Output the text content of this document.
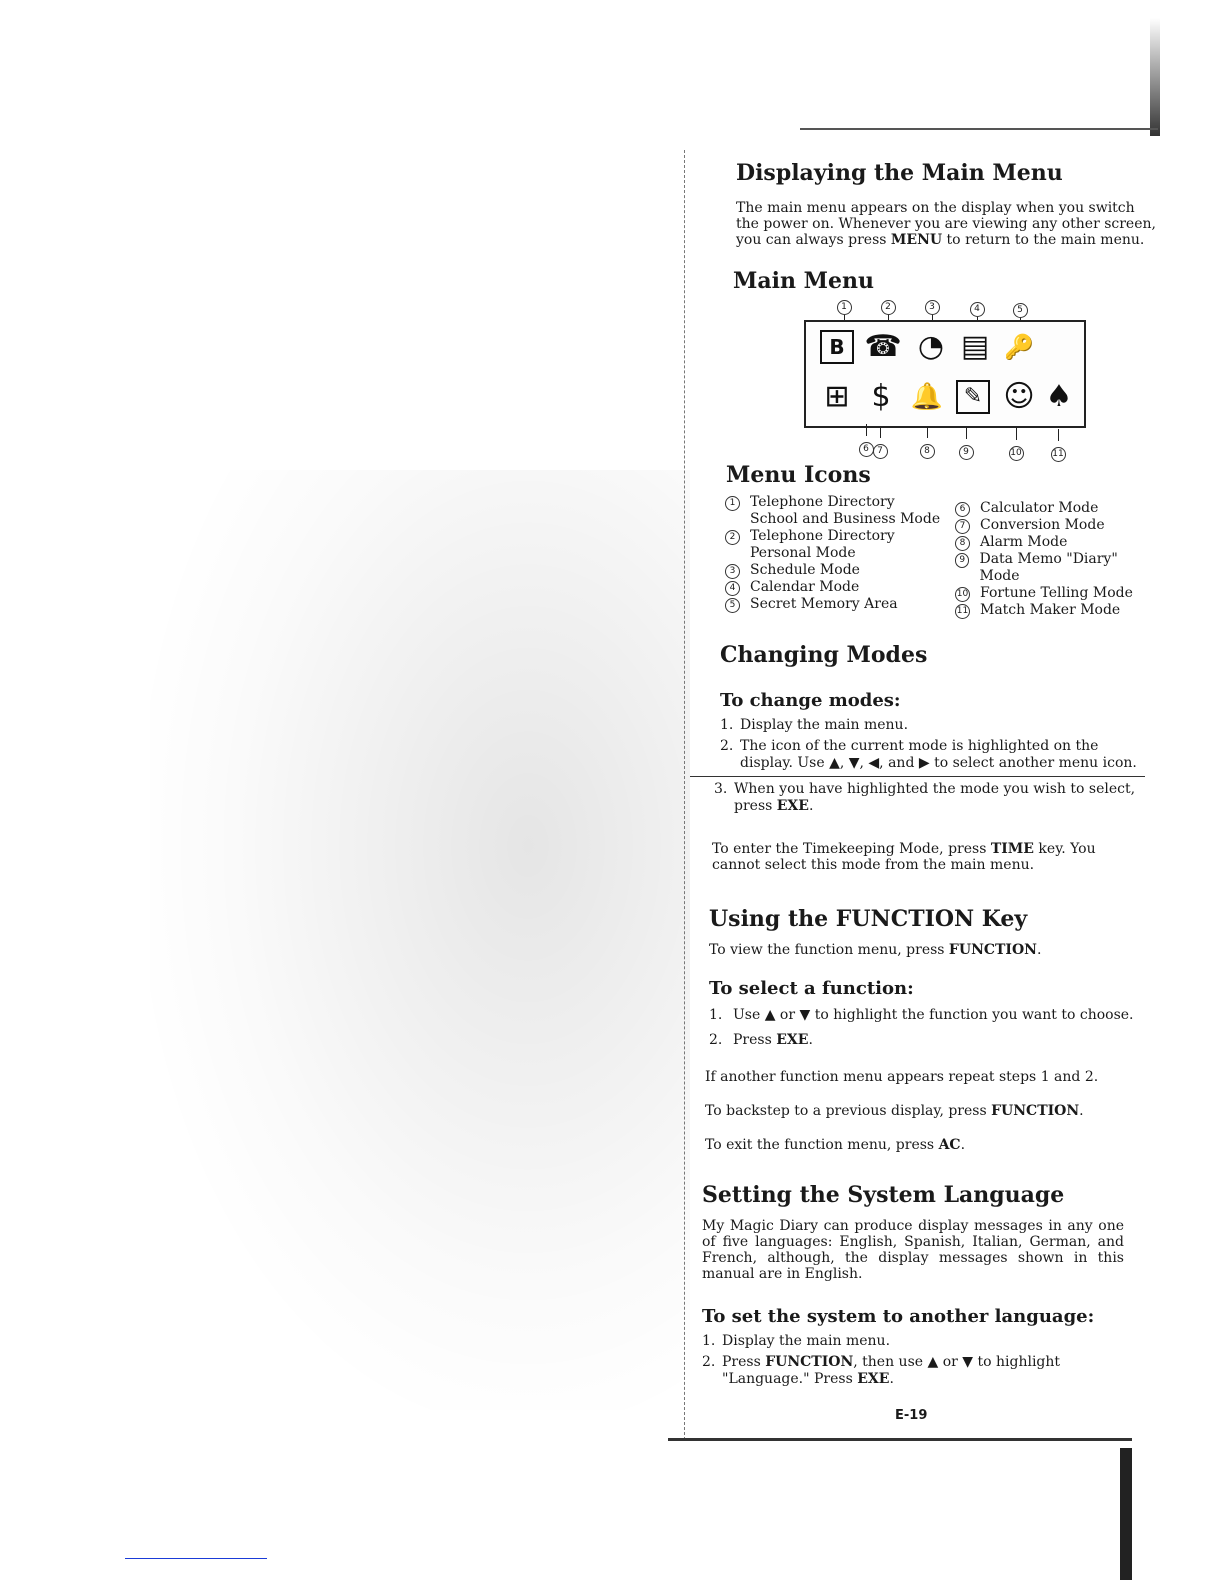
Displaying the Main Menu

The main menu appears on the display when you switch the power on. Whenever you are viewing any other screen, you can always press MENU to return to the main menu.

Main Menu
1	2	3	4	5
B ☎ ◔ ▤ 🔑
⊞ $ 🔔 ✎ ☺ ♠
6 7	8	9	10	11
Menu Icons
1	Telephone Directory
School and Business Mode
2	Telephone Directory
Personal Mode
3	Schedule Mode
4	Calendar Mode
5	Secret Memory Area
6	Calculator Mode
7	Conversion Mode
8	Alarm Mode
9	Data Memo "Diary" Mode
10 Fortune Telling Mode
11 Match Maker Mode
Changing Modes
To change modes:
1. Display the main menu.
2. The icon of the current mode is highlighted on the display. Use ▲, ▼, ◀, and ▶ to select another menu icon.
3. When you have highlighted the mode you wish to select, press EXE.

To enter the Timekeeping Mode, press TIME key. You cannot select this mode from the main menu.

Using the FUNCTION Key

To view the function menu, press FUNCTION.

To select a function:
1. Use ▲ or ▼ to highlight the function you want to choose.
2. Press EXE.

If another function menu appears repeat steps 1 and 2.

To backstep to a previous display, press FUNCTION.

To exit the function menu, press AC.

Setting the System Language

My Magic Diary can produce display messages in any one of five languages: English, Spanish, Italian, German, and French, although, the display messages shown in this manual are in English.

To set the system to another language:
1. Display the main menu.
2. Press FUNCTION, then use ▲ or ▼ to highlight "Language." Press EXE.
E-19
